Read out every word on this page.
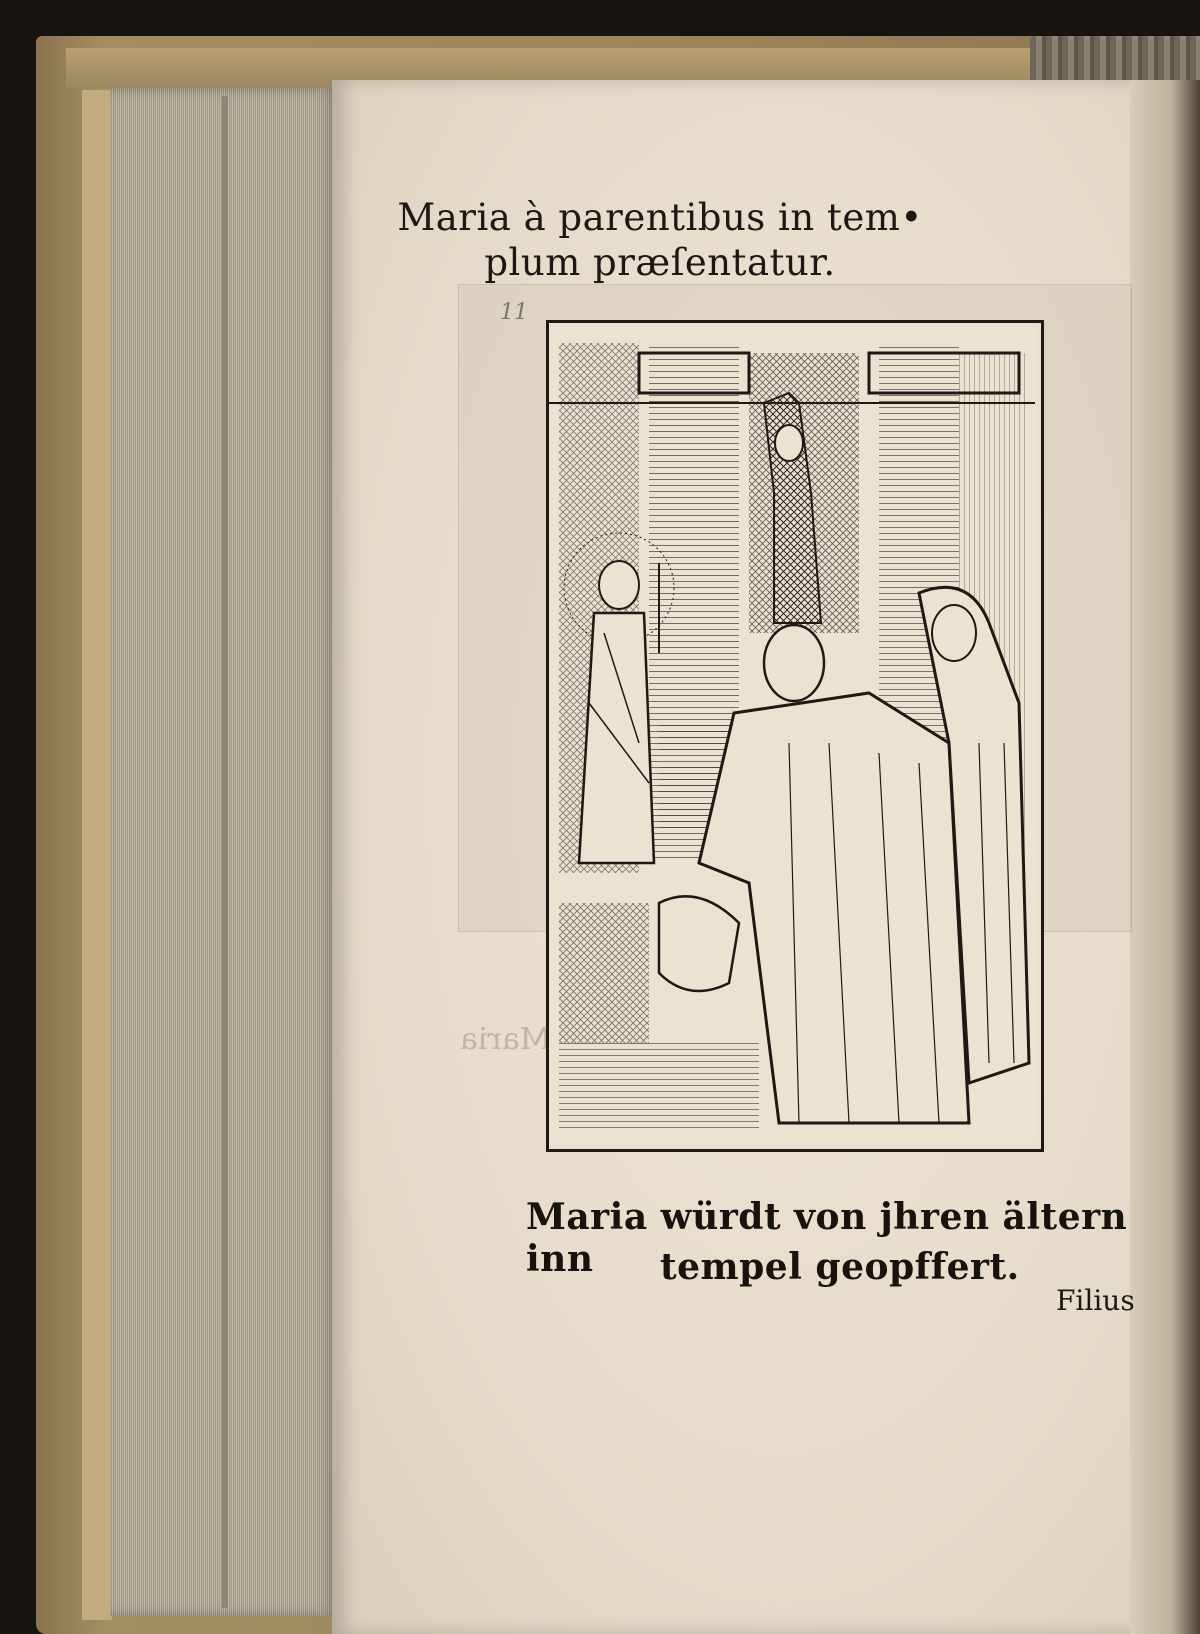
Maria à parentibus in tem•
plum præſentatur.
11
Maria
Maria würdt von jhren ältern inn	tempel geopffert.
Filius
